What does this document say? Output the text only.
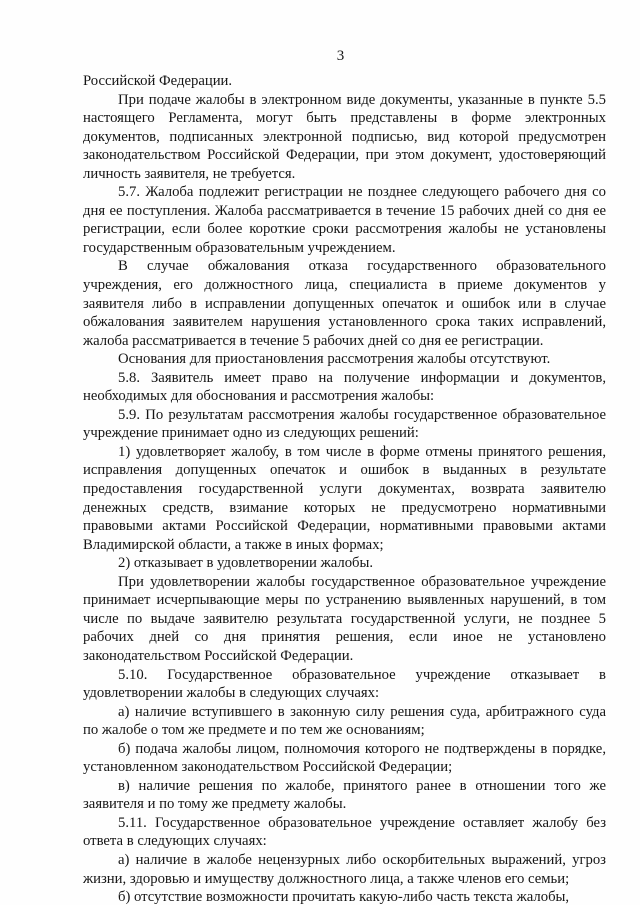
3

Российской Федерации.

При подаче жалобы в электронном виде документы, указанные в пункте 5.5 настоящего Регламента, могут быть представлены в форме электронных документов, подписанных электронной подписью, вид которой предусмотрен законодательством Российской Федерации, при этом документ, удостоверяющий личность заявителя, не требуется.

5.7. Жалоба подлежит регистрации не позднее следующего рабочего дня со дня ее поступления. Жалоба рассматривается в течение 15 рабочих дней со дня ее регистрации, если более короткие сроки рассмотрения жалобы не установлены государственным образовательным учреждением.

В случае обжалования отказа государственного образовательного учреждения, его должностного лица, специалиста в приеме документов у заявителя либо в исправлении допущенных опечаток и ошибок или в случае обжалования заявителем нарушения установленного срока таких исправлений, жалоба рассматривается в течение 5 рабочих дней со дня ее регистрации.

Основания для приостановления рассмотрения жалобы отсутствуют.

5.8. Заявитель имеет право на получение информации и документов, необходимых для обоснования и рассмотрения жалобы:

5.9. По результатам рассмотрения жалобы государственное образовательное учреждение принимает одно из следующих решений:

1) удовлетворяет жалобу, в том числе в форме отмены принятого решения, исправления допущенных опечаток и ошибок в выданных в результате предоставления государственной услуги документах, возврата заявителю денежных средств, взимание которых не предусмотрено нормативными правовыми актами Российской Федерации, нормативными правовыми актами Владимирской области, а также в иных формах;

2) отказывает в удовлетворении жалобы.

При удовлетворении жалобы государственное образовательное учреждение принимает исчерпывающие меры по устранению выявленных нарушений, в том числе по выдаче заявителю результата государственной услуги, не позднее 5 рабочих дней со дня принятия решения, если иное не установлено законодательством Российской Федерации.

5.10. Государственное образовательное учреждение отказывает в удовлетворении жалобы в следующих случаях:

а) наличие вступившего в законную силу решения суда, арбитражного суда по жалобе о том же предмете и по тем же основаниям;

б) подача жалобы лицом, полномочия которого не подтверждены в порядке, установленном законодательством Российской Федерации;

в) наличие решения по жалобе, принятого ранее в отношении того же заявителя и по тому же предмету жалобы.

5.11. Государственное образовательное учреждение оставляет жалобу без ответа в следующих случаях:

а) наличие в жалобе нецензурных либо оскорбительных выражений, угроз жизни, здоровью и имуществу должностного лица, а также членов его семьи;

б) отсутствие возможности прочитать какую-либо часть текста жалобы,
